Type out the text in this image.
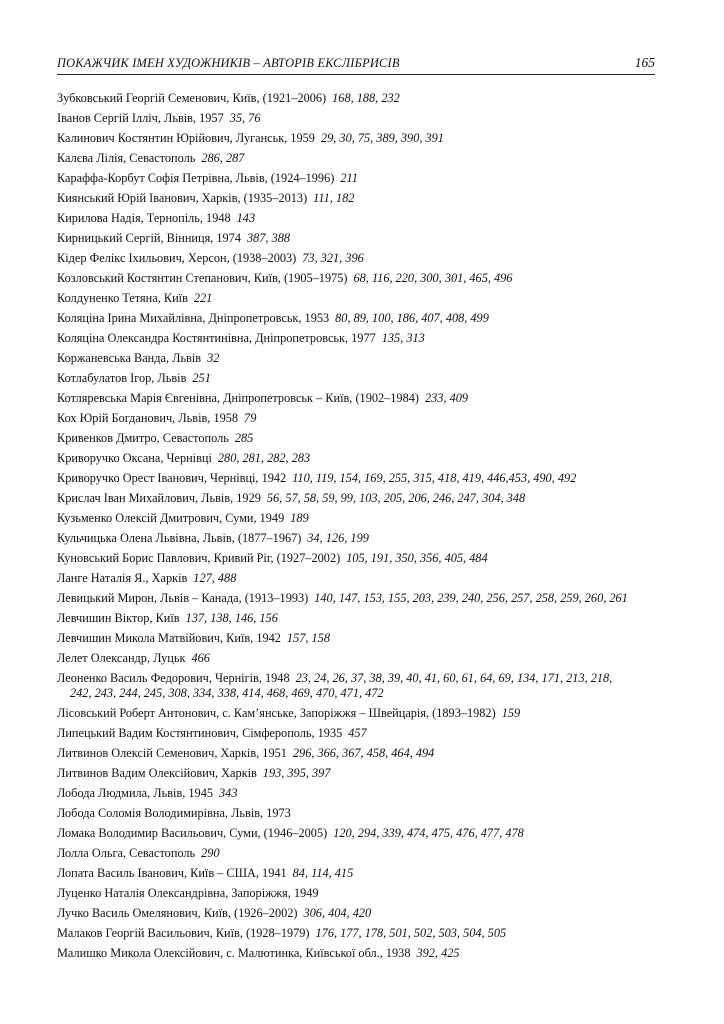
ПОКАЖЧИК ІМЕН ХУДОЖНИКІВ – АВТОРІВ ЕКСЛІБРИСІВ	165
Зубковський Георгій Семенович, Київ, (1921–2006) 168, 188, 232
Іванов Сергій Ілліч, Львів, 1957 35, 76
Калинович Костянтин Юрійович, Луганськ, 1959 29, 30, 75, 389, 390, 391
Калєва Лілія, Севастополь 286, 287
Караффа-Корбут Софія Петрівна, Львів, (1924–1996) 211
Киянський Юрій Іванович, Харків, (1935–2013) 111, 182
Кирилова Надія, Тернопіль, 1948 143
Кирницький Сергій, Вінниця, 1974 387, 388
Кідер Фелікс Іхильович, Херсон, (1938–2003) 73, 321, 396
Козловський Костянтин Степанович, Київ, (1905–1975) 68, 116, 220, 300, 301, 465, 496
Колдуненко Тетяна, Київ 221
Коляціна Ірина Михайлівна, Дніпропетровськ, 1953 80, 89, 100, 186, 407, 408, 499
Коляціна Олександра Костянтинівна, Дніпропетровськ, 1977 135, 313
Коржаневська Ванда, Львів 32
Котлабулатов Ігор, Львів 251
Котляревська Марія Євгенівна, Дніпропетровськ – Київ, (1902–1984) 233, 409
Кох Юрій Богданович, Львів, 1958 79
Кривенков Дмитро, Севастополь 285
Криворучко Оксана, Чернівці 280, 281, 282, 283
Криворучко Орест Іванович, Чернівці, 1942 110, 119, 154, 169, 255, 315, 418, 419, 446,453, 490, 492
Крислач Іван Михайлович, Львів, 1929 56, 57, 58, 59, 99, 103, 205, 206, 246, 247, 304, 348
Кузьменко Олексій Дмитрович, Суми, 1949 189
Кульчицька Олена Львівна, Львів, (1877–1967) 34, 126, 199
Куновський Борис Павлович, Кривий Ріг, (1927–2002) 105, 191, 350, 356, 405, 484
Ланге Наталія Я., Харків 127, 488
Левицький Мирон, Львів – Канада, (1913–1993) 140, 147, 153, 155, 203, 239, 240, 256, 257, 258, 259, 260, 261
Левчишин Віктор, Київ 137, 138, 146, 156
Левчишин Микола Матвійович, Київ, 1942 157, 158
Лелет Олександр, Луцьк 466
Леоненко Василь Федорович, Чернігів, 1948 23, 24, 26, 37, 38, 39, 40, 41, 60, 61, 64, 69, 134, 171, 213, 218,
242, 243, 244, 245, 308, 334, 338, 414, 468, 469, 470, 471, 472
Лісовський Роберт Антонович, с. Кам’янське, Запоріжжя – Швейцарія, (1893–1982) 159
Липецький Вадим Костянтинович, Сімферополь, 1935 457
Литвинов Олексій Семенович, Харків, 1951 296, 366, 367, 458, 464, 494
Литвинов Вадим Олексійович, Харків 193, 395, 397
Лобода Людмила, Львів, 1945 343
Лобода Соломія Володимирівна, Львів, 1973
Ломака Володимир Васильович, Суми, (1946–2005) 120, 294, 339, 474, 475, 476, 477, 478
Лолла Ольга, Севастополь 290
Лопата Василь Іванович, Київ – США, 1941 84, 114, 415
Луценко Наталія Олександрівна, Запоріжжя, 1949
Лучко Василь Омелянович, Київ, (1926–2002) 306, 404, 420
Малаков Георгій Васильович, Київ, (1928–1979) 176, 177, 178, 501, 502, 503, 504, 505
Малишко Микола Олексійович, с. Малютинка, Київської обл., 1938 392, 425
